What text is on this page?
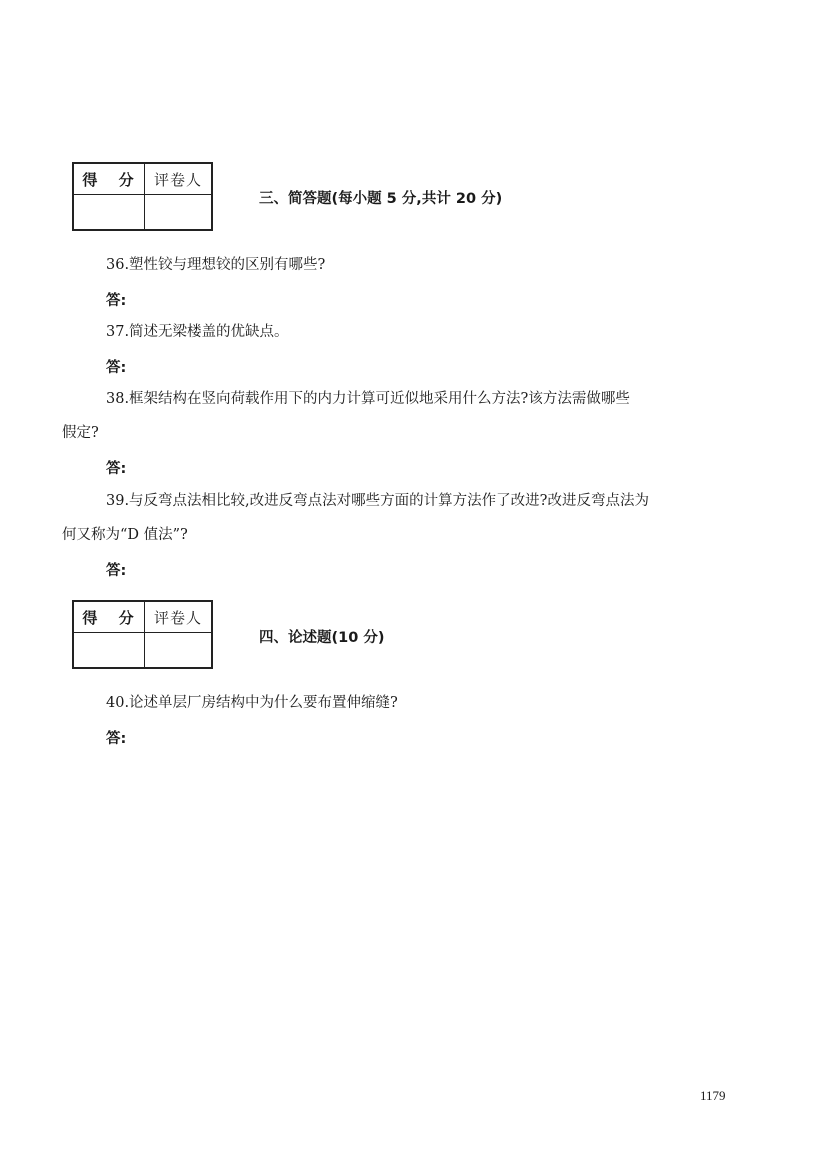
得 分	评卷人

三、简答题(每小题 5 分,共计 20 分)
36.塑性铰与理想铰的区别有哪些?
答:
37.简述无梁楼盖的优缺点。
答:
38.框架结构在竖向荷载作用下的内力计算可近似地采用什么方法?该方法需做哪些
假定?
答:
39.与反弯点法相比较,改进反弯点法对哪些方面的计算方法作了改进?改进反弯点法为
何又称为“D 值法”?
答:
得 分	评卷人

四、论述题(10 分)
40.论述单层厂房结构中为什么要布置伸缩缝?
答:
1179
